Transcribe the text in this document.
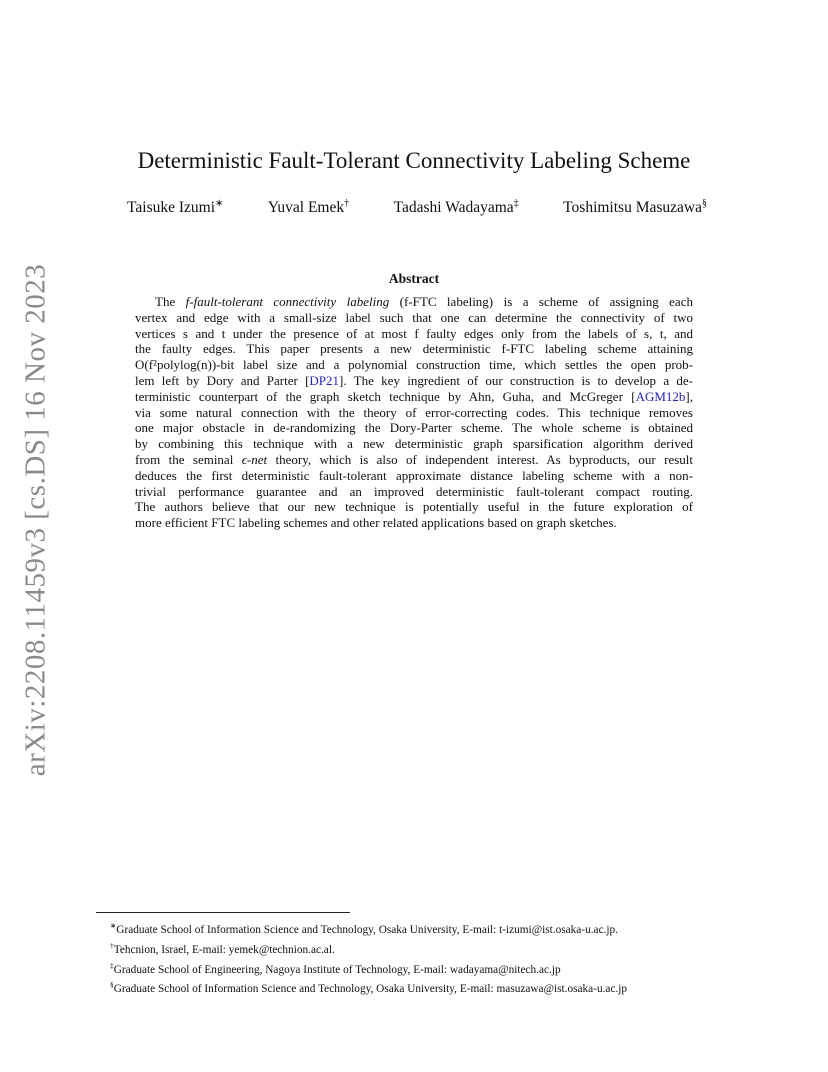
arXiv:2208.11459v3 [cs.DS] 16 Nov 2023
Deterministic Fault-Tolerant Connectivity Labeling Scheme
Taisuke Izumi∗	Yuval Emek†	Tadashi Wadayama‡	Toshimitsu Masuzawa§
Abstract
The f-fault-tolerant connectivity labeling (f-FTC labeling) is a scheme of assigning each
vertex and edge with a small-size label such that one can determine the connectivity of two
vertices s and t under the presence of at most f faulty edges only from the labels of s, t, and
the faulty edges. This paper presents a new deterministic f-FTC labeling scheme attaining
O(f²polylog(n))-bit label size and a polynomial construction time, which settles the open prob-
lem left by Dory and Parter [DP21]. The key ingredient of our construction is to develop a de-
terministic counterpart of the graph sketch technique by Ahn, Guha, and McGreger [AGM12b],
via some natural connection with the theory of error-correcting codes. This technique removes
one major obstacle in de-randomizing the Dory-Parter scheme. The whole scheme is obtained
by combining this technique with a new deterministic graph sparsification algorithm derived
from the seminal ϵ-net theory, which is also of independent interest. As byproducts, our result
deduces the first deterministic fault-tolerant approximate distance labeling scheme with a non-
trivial performance guarantee and an improved deterministic fault-tolerant compact routing.
The authors believe that our new technique is potentially useful in the future exploration of
more efficient FTC labeling schemes and other related applications based on graph sketches.
∗Graduate School of Information Science and Technology, Osaka University, E-mail: t-izumi@ist.osaka-u.ac.jp.
†Tehcnion, Israel, E-mail: yemek@technion.ac.al.
‡Graduate School of Engineering, Nagoya Institute of Technology, E-mail: wadayama@nitech.ac.jp
§Graduate School of Information Science and Technology, Osaka University, E-mail: masuzawa@ist.osaka-u.ac.jp
